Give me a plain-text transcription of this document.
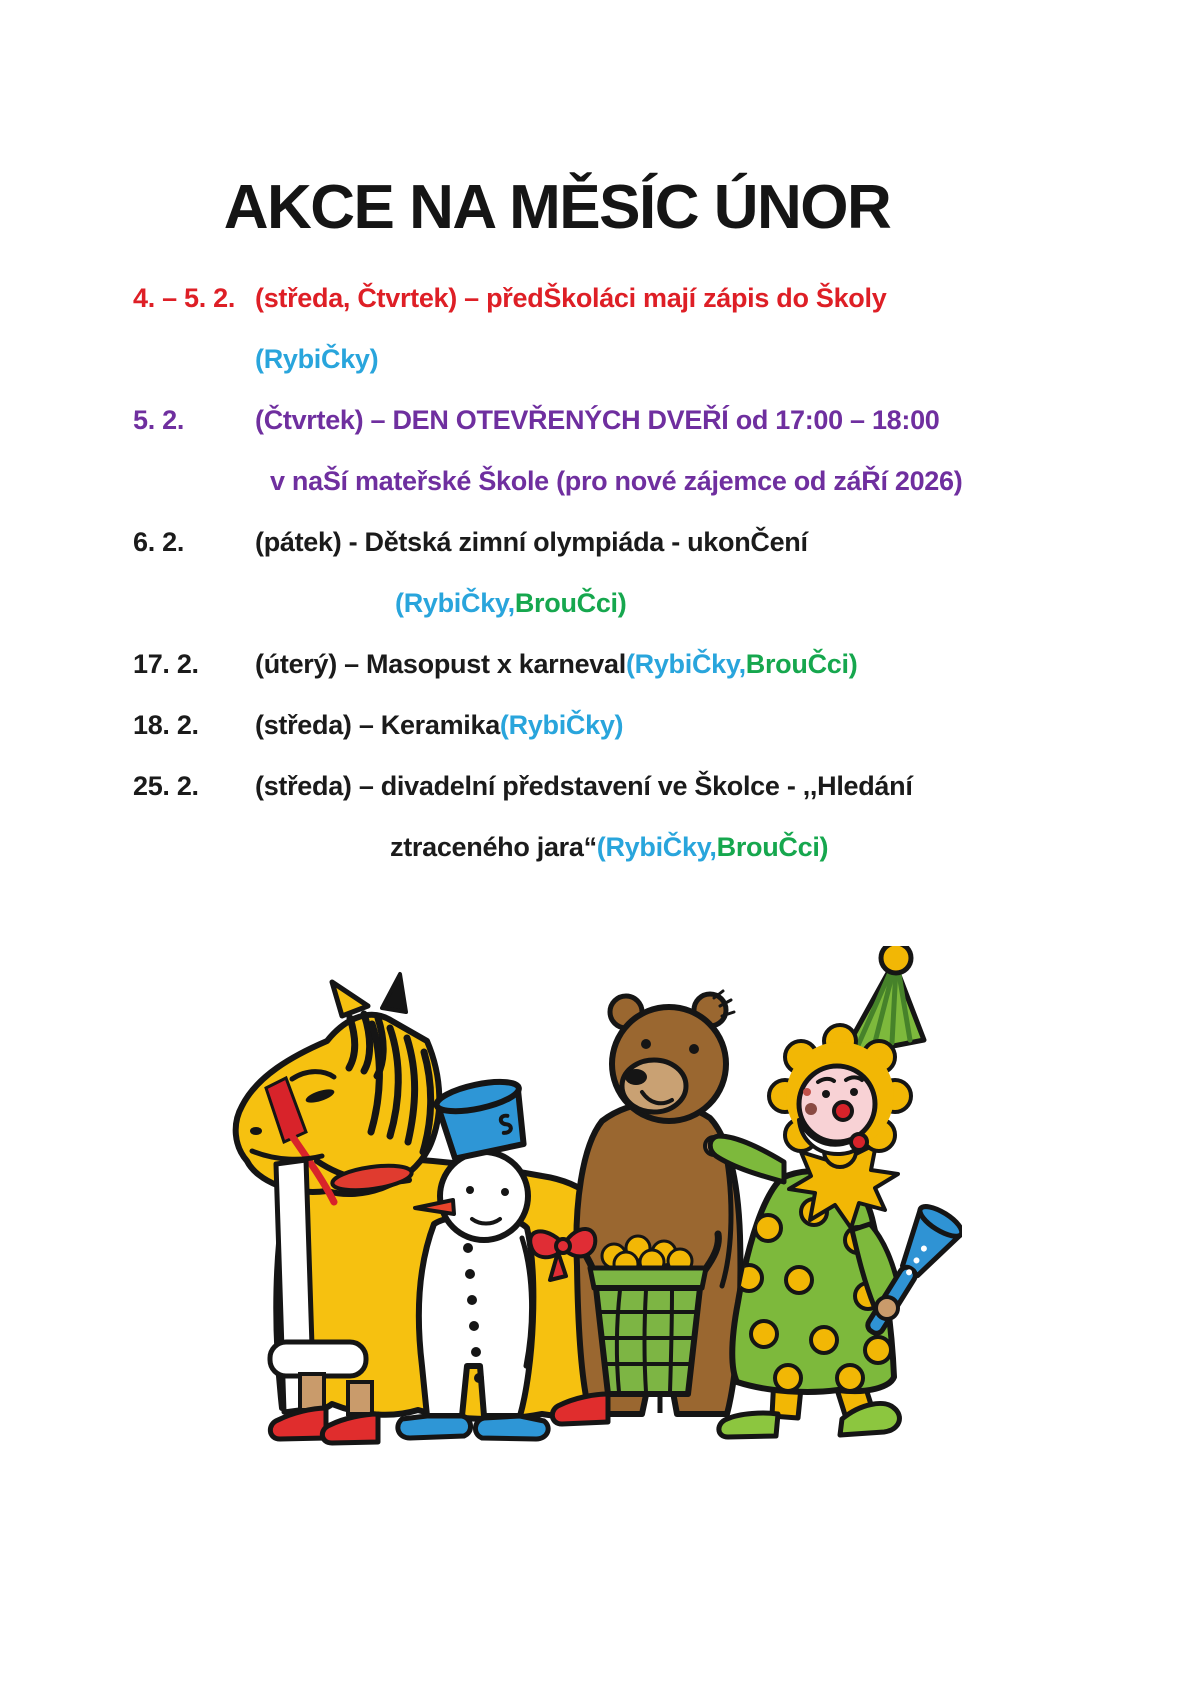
AKCE NA MĚSÍC ÚNOR
4. – 5. 2. (středa, Čtvrtek) – předŠkoláci mají zápis do Školy
(RybiČky)
5. 2.	(Čtvrtek) – DEN OTEVŘENÝCH DVEŘÍ od 17:00 – 18:00
v naŠí mateřské Škole (pro nové zájemce od záŘí 2026)
6. 2.	(pátek) - Dětská zimní olympiáda - ukonČení
(RybiČky, BrouČci)
17. 2.	(úterý) – Masopust x karneval (RybiČky, BrouČci)
18. 2.	(středa) – Keramika (RybiČky)
25. 2.	(středa) – divadelní představení ve Školce - ,,Hledání
ztraceného jara“ (RybiČky, BrouČci)
